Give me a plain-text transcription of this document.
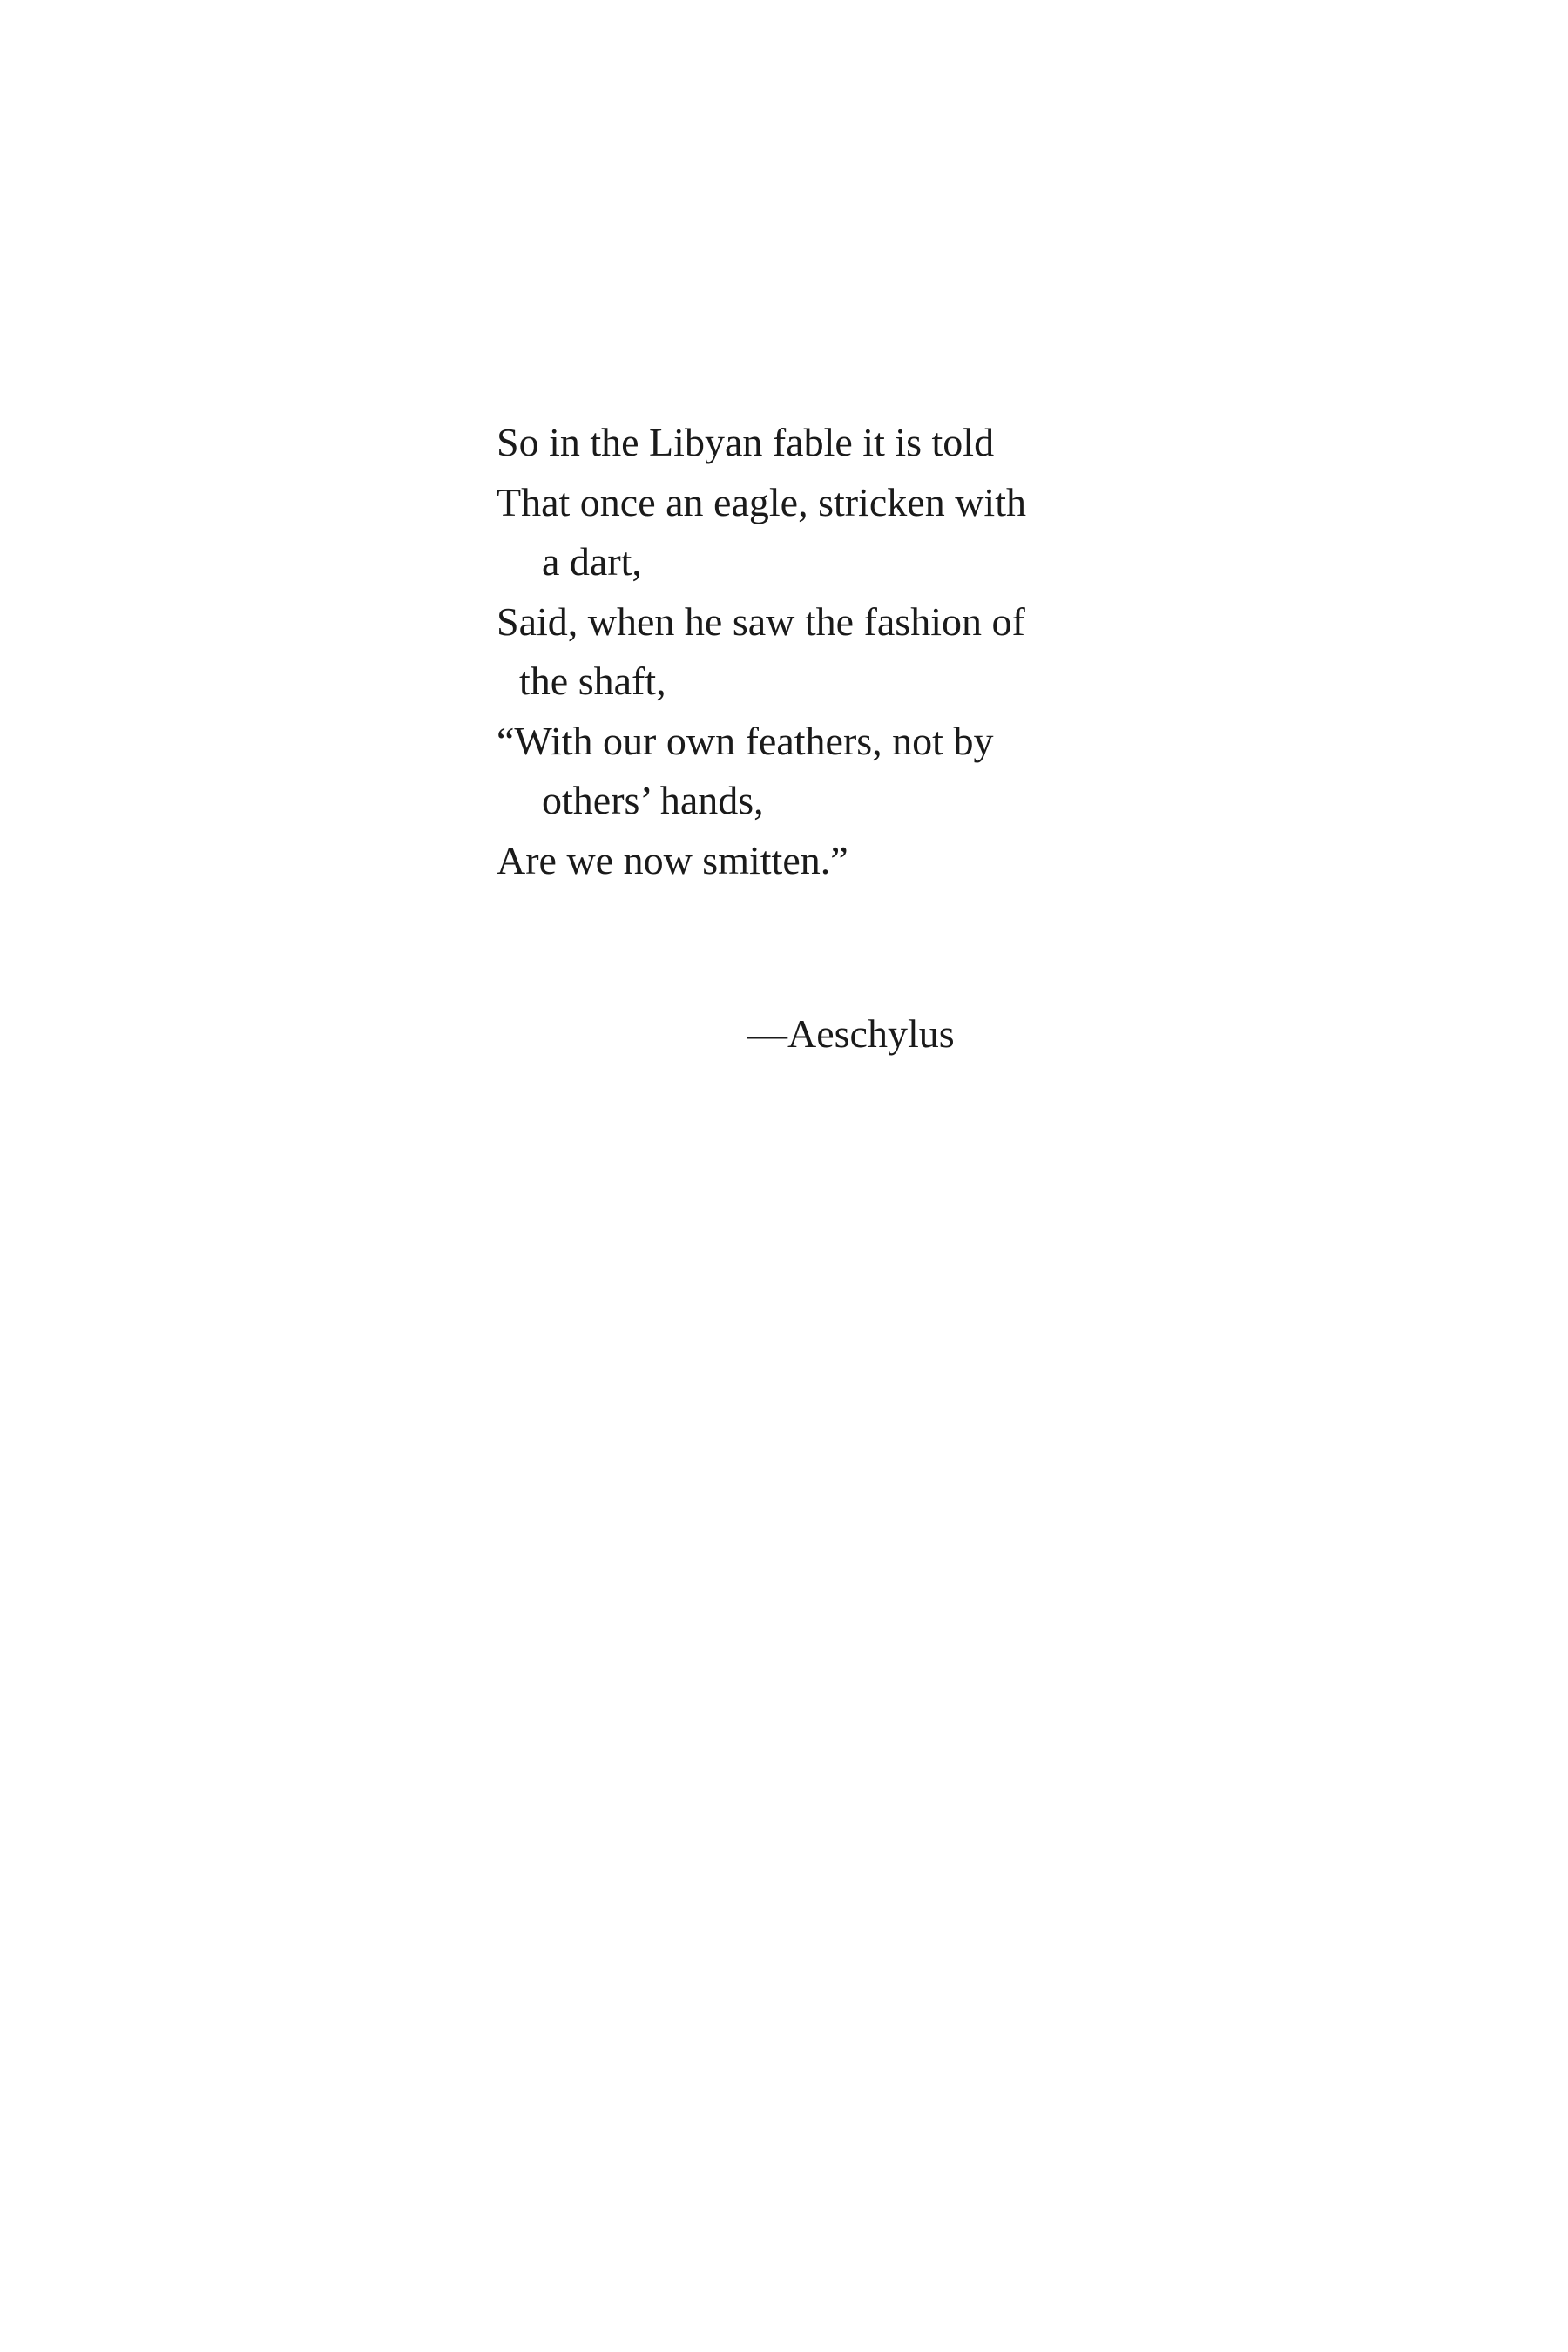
So in the Libyan fable it is told

That once an eagle, stricken with

a dart,

Said, when he saw the fashion of

the shaft,

“With our own feathers, not by

others’ hands,

Are we now smitten.”

—Aeschylus
